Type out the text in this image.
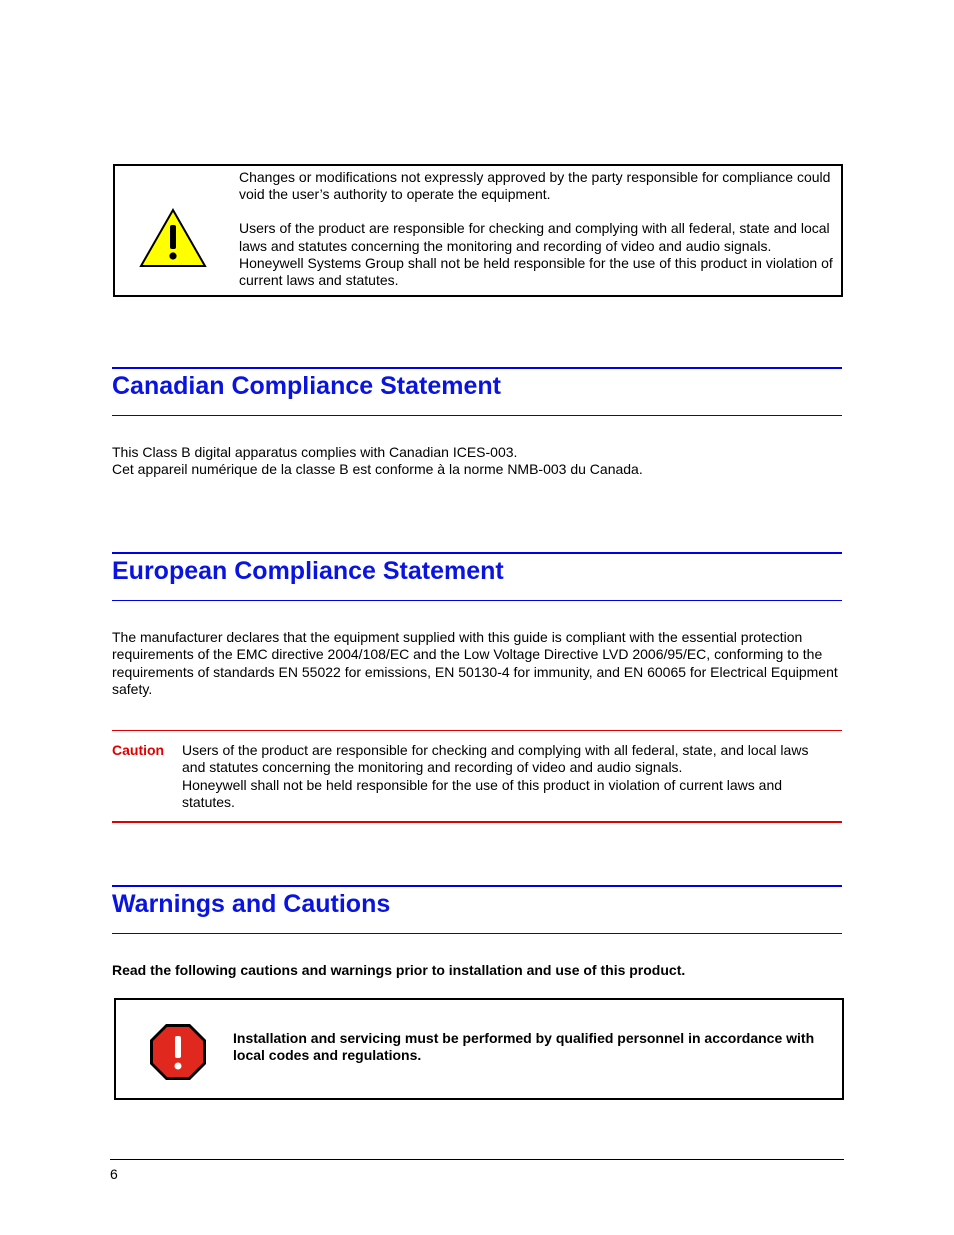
Changes or modifications not expressly approved by the party responsible for compliance could void the user’s authority to operate the equipment.

Users of the product are responsible for checking and complying with all federal, state and local laws and statutes concerning the monitoring and recording of video and audio signals. Honeywell Systems Group shall not be held responsible for the use of this product in violation of current laws and statutes.

Canadian Compliance Statement

This Class B digital apparatus complies with Canadian ICES-003.

Cet appareil numérique de la classe B est conforme à la norme NMB-003 du Canada.

European Compliance Statement
The manufacturer declares that the equipment supplied with this guide is compliant with the essential protection requirements of the EMC directive 2004/108/EC and the Low Voltage Directive LVD 2006/95/EC, conforming to the requirements of standards EN 55022 for emissions, EN 50130-4 for immunity, and EN 60065 for Electrical Equipment safety.
Caution Users of the product are responsible for checking and complying with all federal, state, and local laws and statutes concerning the monitoring and recording of video and audio signals.

Honeywell shall not be held responsible for the use of this product in violation of current laws and statutes.

Warnings and Cautions
Read the following cautions and warnings prior to installation and use of this product.
Installation and servicing must be performed by qualified personnel in accordance with local codes and regulations.
6
